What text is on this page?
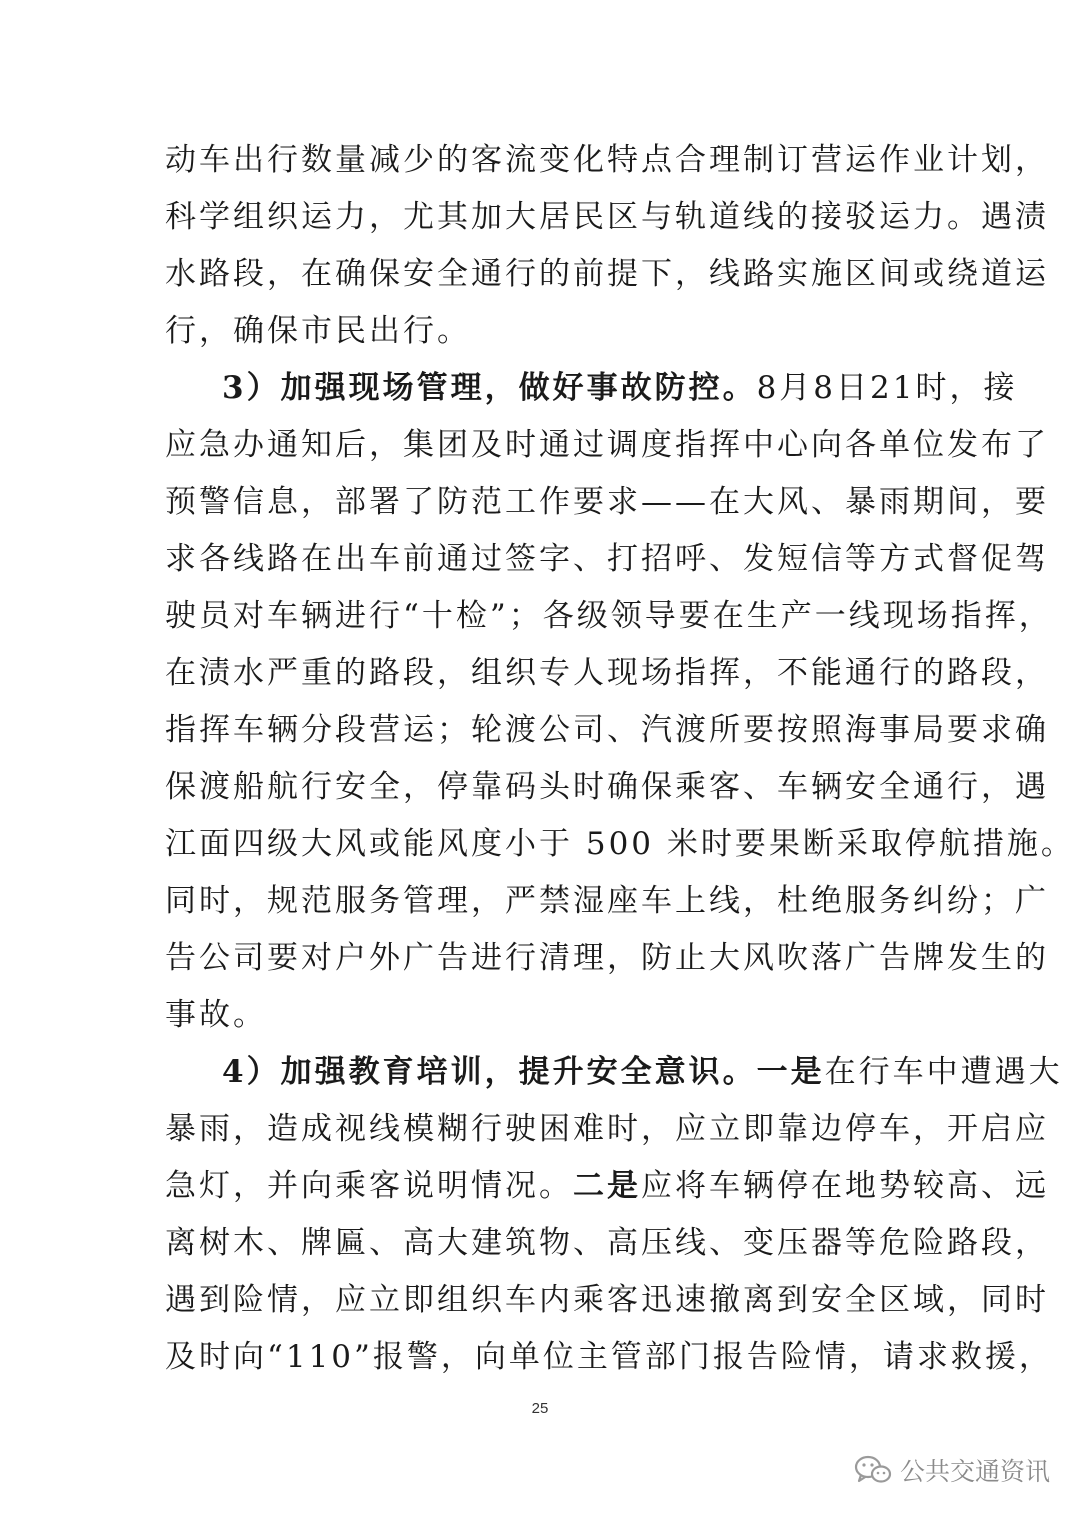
动车出行数量减少的客流变化特点合理制订营运作业计划，
科学组织运力，尤其加大居民区与轨道线的接驳运力。遇渍
水路段，在确保安全通行的前提下，线路实施区间或绕道运
行，确保市民出行。
3）加强现场管理，做好事故防控。8月8日21时，接
应急办通知后，集团及时通过调度指挥中心向各单位发布了
预警信息，部署了防范工作要求——在大风、暴雨期间，要
求各线路在出车前通过签字、打招呼、发短信等方式督促驾
驶员对车辆进行“十检”；各级领导要在生产一线现场指挥，
在渍水严重的路段，组织专人现场指挥，不能通行的路段，
指挥车辆分段营运；轮渡公司、汽渡所要按照海事局要求确
保渡船航行安全，停靠码头时确保乘客、车辆安全通行，遇
江面四级大风或能风度小于 500 米时要果断采取停航措施。
同时，规范服务管理，严禁湿座车上线，杜绝服务纠纷；广
告公司要对户外广告进行清理，防止大风吹落广告牌发生的
事故。
4）加强教育培训，提升安全意识。一是在行车中遭遇大
暴雨，造成视线模糊行驶困难时，应立即靠边停车，开启应
急灯，并向乘客说明情况。二是应将车辆停在地势较高、远
离树木、牌匾、高大建筑物、高压线、变压器等危险路段，
遇到险情，应立即组织车内乘客迅速撤离到安全区域，同时
及时向“110”报警，向单位主管部门报告险情，请求救援，
25
公共交通资讯
